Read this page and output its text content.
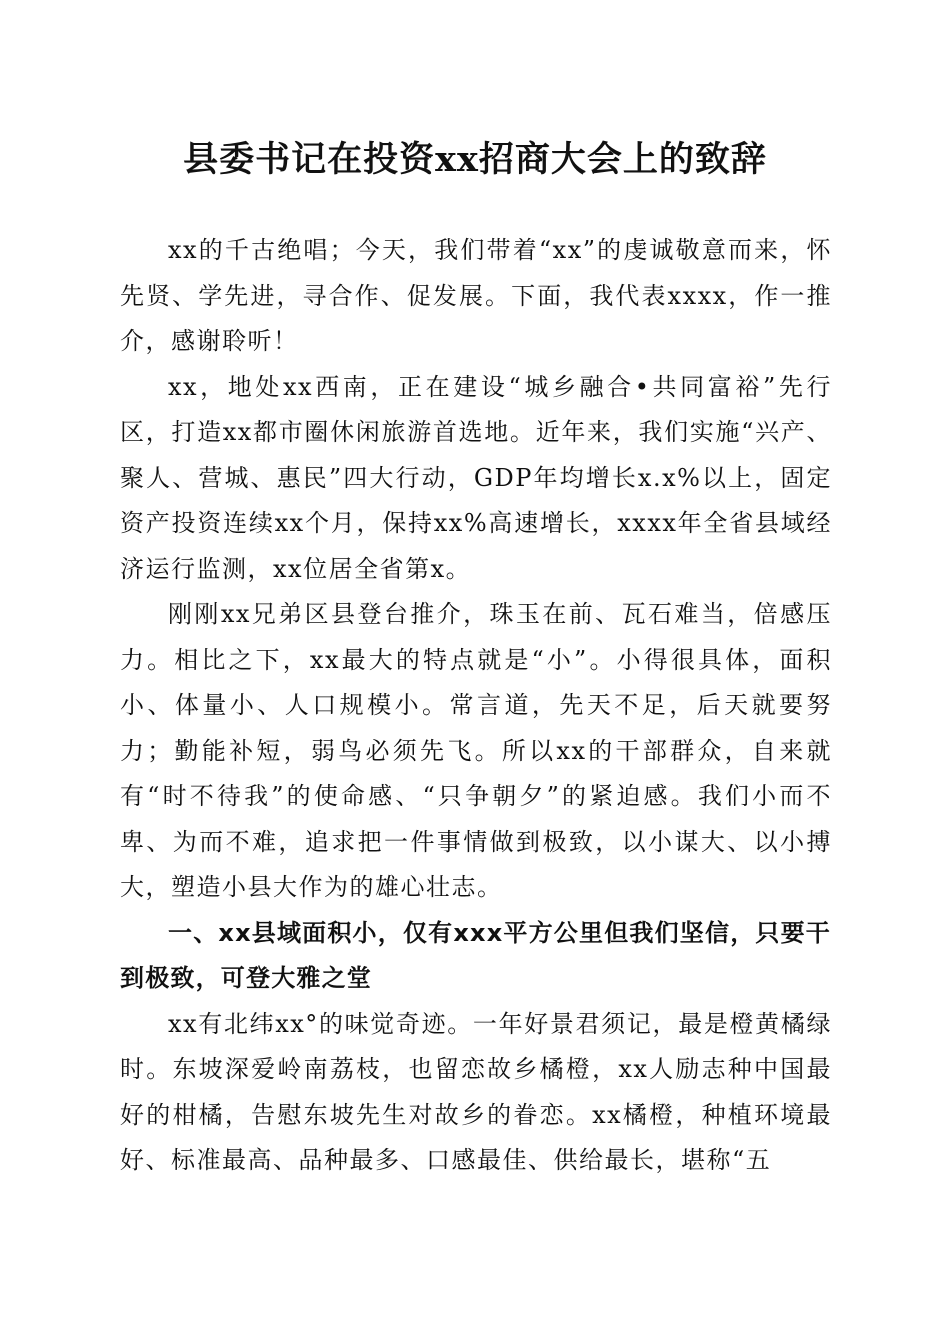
县委书记在投资xx招商大会上的致辞

xx的千古绝唱；今天，我们带着“xx”的虔诚敬意而来，怀先贤、学先进，寻合作、促发展。下面，我代表xxxx，作一推介，感谢聆听！

xx，地处xx西南，正在建设“城乡融合•共同富裕”先行区，打造xx都市圈休闲旅游首选地。近年来，我们实施“兴产、聚人、营城、惠民”四大行动，GDP年均增长x.x%以上，固定资产投资连续xx个月，保持xx%高速增长，xxxx年全省县域经济运行监测，xx位居全省第x。

刚刚xx兄弟区县登台推介，珠玉在前、瓦石难当，倍感压力。相比之下，xx最大的特点就是“小”。小得很具体，面积小、体量小、人口规模小。常言道，先天不足，后天就要努力；勤能补短，弱鸟必须先飞。所以xx的干部群众，自来就有“时不待我”的使命感、“只争朝夕”的紧迫感。我们小而不卑、为而不难，追求把一件事情做到极致，以小谋大、以小搏大，塑造小县大作为的雄心壮志。

一、xx县域面积小，仅有xxx平方公里但我们坚信，只要干到极致，可登大雅之堂

xx有北纬xx°的味觉奇迹。一年好景君须记，最是橙黄橘绿时。东坡深爱岭南荔枝，也留恋故乡橘橙，xx人励志种中国最好的柑橘，告慰东坡先生对故乡的眷恋。xx橘橙，种植环境最好、标准最高、品种最多、口感最佳、供给最长，堪称“五
